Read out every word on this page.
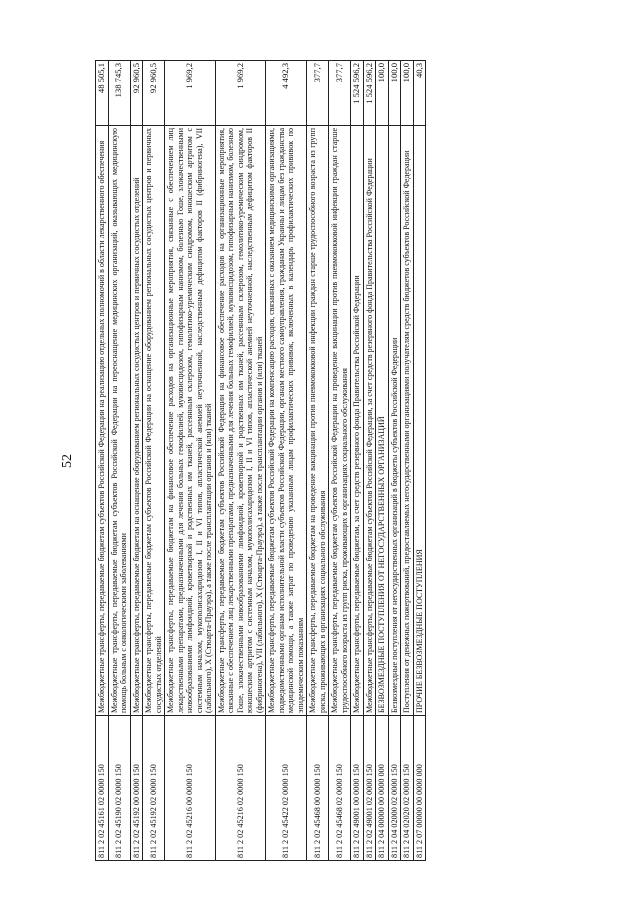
52
811 2 02 45161 02 0000 150	Межбюджетные трансферты, передаваемые бюджетам субъектов Российской Федерации на реализацию отдельных полномочий в области лекарственного обеспечения	48 505,1
811 2 02 45190 02 0000 150	Межбюджетные трансферты, передаваемые бюджетам субъектов Российской Федерации на переоснащение медицинских организаций, оказывающих медицинскую помощь больным с онкологическими заболеваниями	138 745,3
811 2 02 45192 00 0000 150	Межбюджетные трансферты, передаваемые бюджетам на оснащение оборудованием региональных сосудистых центров и первичных сосудистых отделений	92 960,5
811 2 02 45192 02 0000 150	Межбюджетные трансферты, передаваемые бюджетам субъектов Российской Федерации на оснащение оборудованием региональных сосудистых центров и первичных сосудистых отделений	92 960,5
811 2 02 45216 00 0000 150	Межбюджетные трансферты, передаваемые бюджетам на финансовое обеспечение расходов на организационные мероприятия, связанные с обеспечением лиц лекарственными препаратами, предназначенными для лечения больных гемофилией, муковисцидозом, гипофизарным нанизмом, болезнью Гоше, злокачественными новообразованиями лимфоидной, кроветворной и родственных им тканей, рассеянным склерозом, гемолитико-уремическим синдромом, юношеским артритом с системным началом, мукополисахаридозом I, II и VI типов, апластической анемией неуточненной, наследственным дефицитом факторов II (фибриногена), VII (лабильного), X (Стюарта-Прауэра), а также после трансплантации органов и (или) тканей	1 969,2
811 2 02 45216 02 0000 150	Межбюджетные трансферты, передаваемые бюджетам субъектов Российской Федерации на финансовое обеспечение расходов на организационные мероприятия, связанные с обеспечением лиц лекарственными препаратами, предназначенными для лечения больных гемофилией, муковисцидозом, гипофизарным нанизмом, болезнью Гоше, злокачественными новообразованиями лимфоидной, кроветворной и родственных им тканей, рассеянным склерозом, гемолитико-уремическим синдромом, юношеским артритом с системным началом, мукополисахаридозом I, II и VI типов, апластической анемией неуточненной, наследственным дефицитом факторов II (фибриногена), VII (лабильного), X (Стюарта-Прауэра), а также после трансплантации органов и (или) тканей	1 969,2
811 2 02 45422 02 0000 150	Межбюджетные трансферты, передаваемые бюджетам субъектов Российской Федерации на компенсацию расходов, связанных с оказанием медицинскими организациями, подведомственными органам исполнительной власти субъектов Российской Федерации, органам местного самоуправления, гражданам Украины и лицам без гражданства медицинской помощи, а также затрат по проведению указанным лицам профилактических прививок, включенных в календарь профилактических прививок по эпидемическим показаниям	4 492,3
811 2 02 45468 00 0000 150	Межбюджетные трансферты, передаваемые бюджетам на проведение вакцинации против пневмококковой инфекции граждан старше трудоспособного возраста из групп риска, проживающих в организациях социального обслуживания	377,7
811 2 02 45468 02 0000 150	Межбюджетные трансферты, передаваемые бюджетам субъектов Российской Федерации на проведение вакцинации против пневмококковой инфекции граждан старше трудоспособного возраста из групп риска, проживающих в организациях социального обслуживания	377,7
811 2 02 49001 00 0000 150	Межбюджетные трансферты, передаваемые бюджетам, за счет средств резервного фонда Правительства Российской Федерации	1 524 596,2
811 2 02 49001 02 0000 150	Межбюджетные трансферты, передаваемые бюджетам субъектов Российской Федерации, за счет средств резервного фонда Правительства Российской Федерации	1 524 596,2
811 2 04 00000 00 0000 000	БЕЗВОЗМЕЗДНЫЕ ПОСТУПЛЕНИЯ ОТ НЕГОСУДАРСТВЕННЫХ ОРГАНИЗАЦИЙ	100,0
811 2 04 02000 02 0000 150	Безвозмездные поступления от негосударственных организаций в бюджеты субъектов Российской Федерации	100,0
811 2 04 02020 02 0000 150	Поступления от денежных пожертвований, предоставляемых негосударственными организациями получателям средств бюджетов субъектов Российской Федерации	100,0
811 2 07 00000 00 0000 000	ПРОЧИЕ БЕЗВОЗМЕЗДНЫЕ ПОСТУПЛЕНИЯ	40,3
